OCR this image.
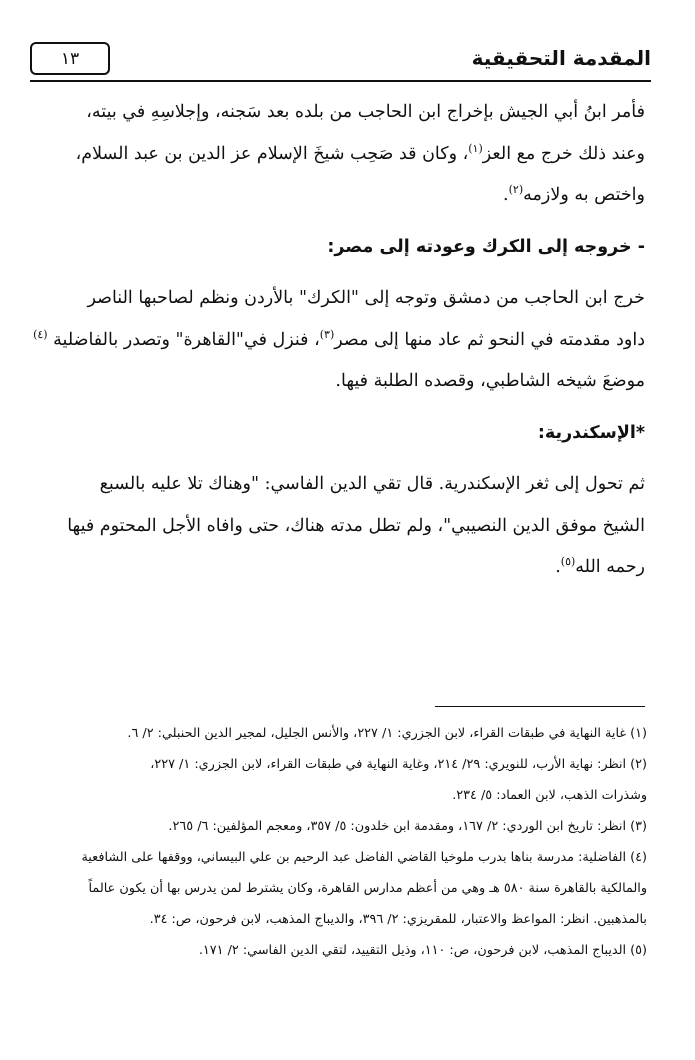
المقدمة التحقيقية
١٣
فأمر ابنُ أبي الجيش بإخراج ابن الحاجب من بلده بعد سَجنه، وإجلاسِهِ في بيته،
وعند ذلك خرج مع العز$^{(١)}$، وكان قد صَحِب شيخَ الإسلام عز الدين بن عبد السلام،
واختص به ولازمه$^{(٢)}$.
- خروجه إلى الكرك وعودته إلى مصر:
خرج ابن الحاجب من دمشق وتوجه إلى "الكرك" بالأردن ونظم لصاحبها الناصر
داود مقدمته في النحو ثم عاد منها إلى مصر$^{(٣)}$، فنزل في"القاهرة" وتصدر بالفاضلية $^{(٤)}$
موضعَ شيخه الشاطبي، وقصده الطلبة فيها.
*الإسكندرية:
ثم تحول إلى ثغر الإسكندرية. قال تقي الدين الفاسي: "وهناك تلا عليه بالسبع
الشيخ موفق الدين النصيبي"، ولم تطل مدته هناك، حتى وافاه الأجل المحتوم فيها
رحمه الله$^{(٥)}$.
(١) غاية النهاية في طبقات القراء، لابن الجزري: ١/ ٢٢٧، والأنس الجليل، لمجير الدين الحنبلي: ٢/ ٦.
(٢) انظر: نهاية الأرب، للنويري: ٢٩/ ٢١٤، وغاية النهاية في طبقات القراء، لابن الجزري: ١/ ٢٢٧،
وشذرات الذهب، لابن العماد: ٥/ ٢٣٤.
(٣) انظر: تاريخ ابن الوردي: ٢/ ١٦٧، ومقدمة ابن خلدون: ٥/ ٣٥٧، ومعجم المؤلفين: ٦/ ٢٦٥.
(٤) الفاضلية: مدرسة بناها بدرب ملوخيا القاضي الفاضل عبد الرحيم بن علي البيساني، ووقفها على الشافعية
والمالكية بالقاهرة سنة ٥٨٠ هـ وهي من أعظم مدارس القاهرة، وكان يشترط لمن يدرس بها أن يكون عالماً
بالمذهبين. انظر: المواعظ والاعتبار، للمقريزي: ٢/ ٣٩٦، والديباج المذهب، لابن فرحون، ص: ٣٤.
(٥) الديباج المذهب، لابن فرحون، ص: ١١٠، وذيل التقييد، لتقي الدين الفاسي: ٢/ ١٧١.
